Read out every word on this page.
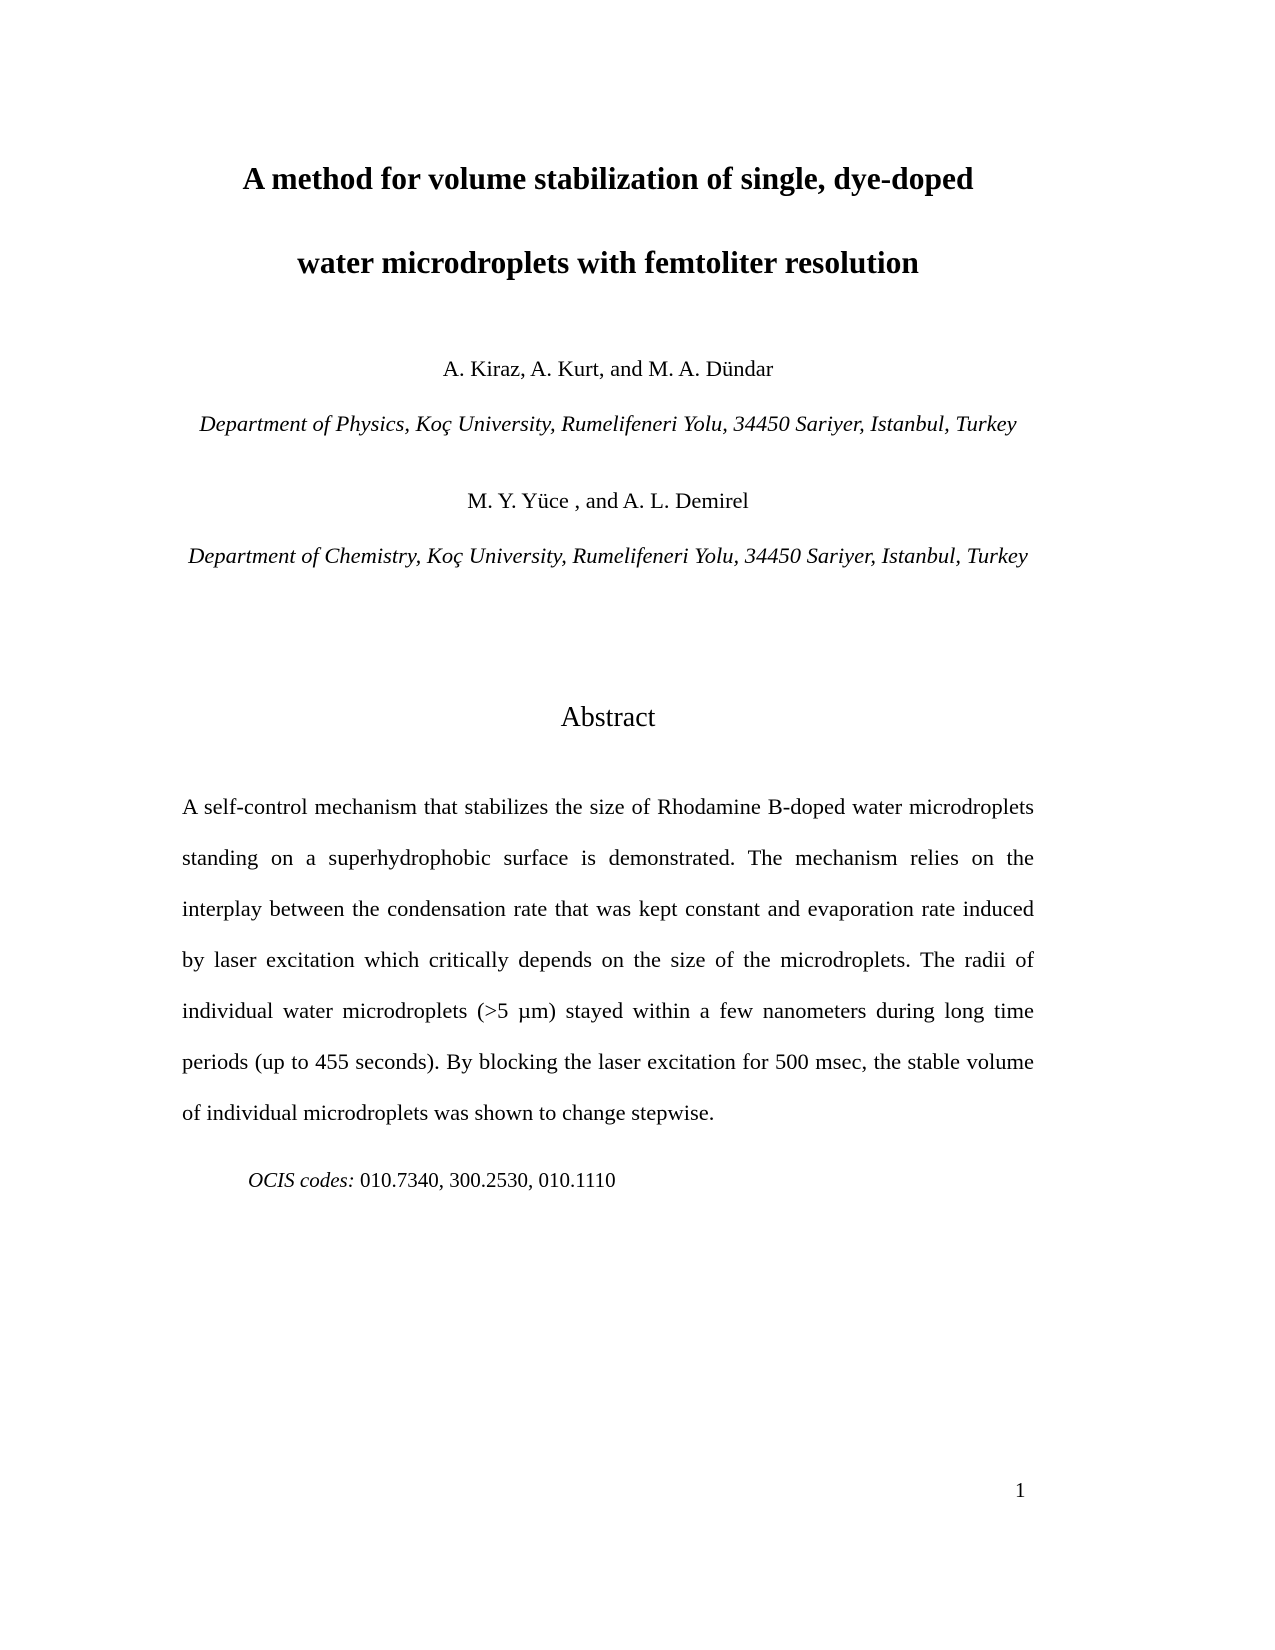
A method for volume stabilization of single, dye-doped
water microdroplets with femtoliter resolution
A. Kiraz, A. Kurt, and M. A. Dündar
Department of Physics, Koç University, Rumelifeneri Yolu, 34450 Sariyer, Istanbul, Turkey
M. Y. Yüce , and A. L. Demirel
Department of Chemistry, Koç University, Rumelifeneri Yolu, 34450 Sariyer, Istanbul, Turkey
Abstract
A self-control mechanism that stabilizes the size of Rhodamine B-doped water microdroplets standing on a superhydrophobic surface is demonstrated. The mechanism relies on the interplay between the condensation rate that was kept constant and evaporation rate induced by laser excitation which critically depends on the size of the microdroplets. The radii of individual water microdroplets (>5 µm) stayed within a few nanometers during long time periods (up to 455 seconds). By blocking the laser excitation for 500 msec, the stable volume of individual microdroplets was shown to change stepwise.
OCIS codes: 010.7340, 300.2530, 010.1110
1
